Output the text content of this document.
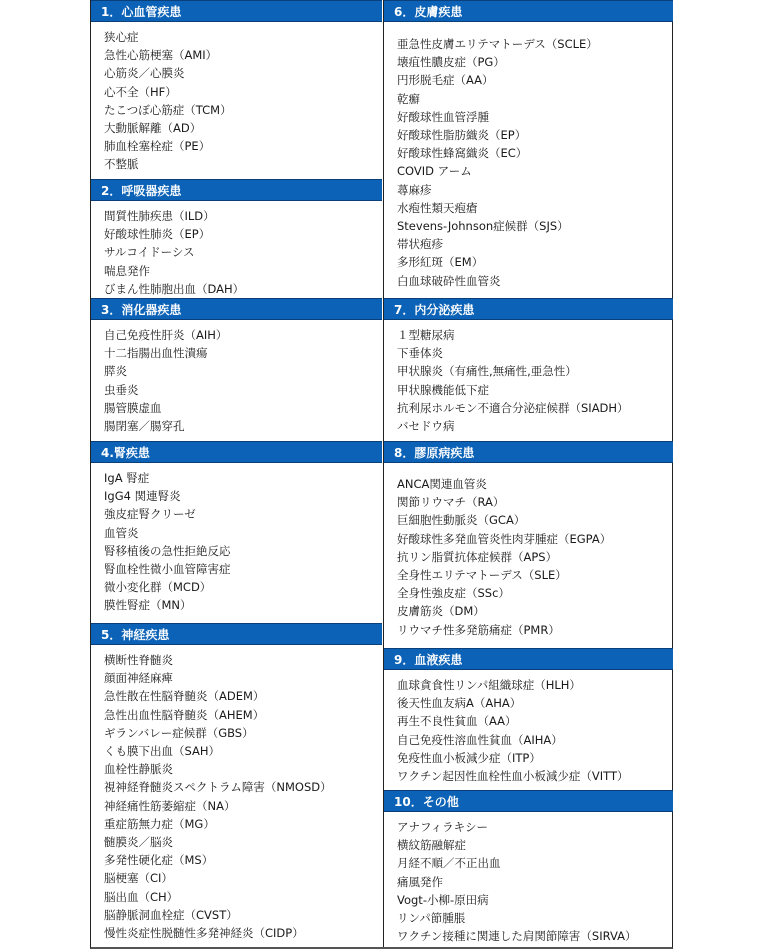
1．心血管疾患
狭心症
急性心筋梗塞（AMI）
心筋炎／心膜炎
心不全（HF）
たこつぼ心筋症（TCM）
大動脈解離（AD）
肺血栓塞栓症（PE）
不整脈
2．呼吸器疾患
間質性肺疾患（ILD）
好酸球性肺炎（EP）
サルコイドーシス
喘息発作
びまん性肺胞出血（DAH）
3．消化器疾患
自己免疫性肝炎（AIH）
十二指腸出血性潰瘍
膵炎
虫垂炎
腸管膜虚血
腸閉塞／腸穿孔
4.腎疾患
IgA 腎症
IgG4 関連腎炎
強皮症腎クリーゼ
血管炎
腎移植後の急性拒絶反応
腎血栓性微小血管障害症
微小変化群（MCD）
膜性腎症（MN）
5．神経疾患
横断性脊髄炎
顔面神経麻痺
急性散在性脳脊髄炎（ADEM）
急性出血性脳脊髄炎（AHEM）
ギランバレー症候群（GBS）
くも膜下出血（SAH）
血栓性静脈炎
視神経脊髄炎スペクトラム障害（NMOSD）
神経痛性筋萎縮症（NA）
重症筋無力症（MG）
髄膜炎／脳炎
多発性硬化症（MS）
脳梗塞（CI）
脳出血（CH）
脳静脈洞血栓症（CVST）
慢性炎症性脱髄性多発神経炎（CIDP）
6．皮膚疾患
亜急性皮膚エリテマトーデス（SCLE）
壊疽性膿皮症（PG）
円形脱毛症（AA）
乾癬
好酸球性血管浮腫
好酸球性脂肪織炎（EP）
好酸球性蜂窩織炎（EC）
COVID アーム
蕁麻疹
水疱性類天疱瘡
Stevens-Johnson症候群（SJS）
帯状疱疹
多形紅斑（EM）
白血球破砕性血管炎
7．内分泌疾患
１型糖尿病
下垂体炎
甲状腺炎（有痛性,無痛性,亜急性）
甲状腺機能低下症
抗利尿ホルモン不適合分泌症候群（SIADH）
バセドウ病
8．膠原病疾患
ANCA関連血管炎
関節リウマチ（RA）
巨細胞性動脈炎（GCA）
好酸球性多発血管炎性肉芽腫症（EGPA）
抗リン脂質抗体症候群（APS）
全身性エリテマトーデス（SLE）
全身性強皮症（SSc）
皮膚筋炎（DM）
リウマチ性多発筋痛症（PMR）
9．血液疾患
血球貪食性リンパ組織球症（HLH）
後天性血友病A（AHA）
再生不良性貧血（AA）
自己免疫性溶血性貧血（AIHA）
免疫性血小板減少症（ITP）
ワクチン起因性血栓性血小板減少症（VITT）
10．その他
アナフィラキシー
横紋筋融解症
月経不順／不正出血
痛風発作
Vogt-小柳-原田病
リンパ節腫脹
ワクチン接種に関連した肩関節障害（SIRVA）
